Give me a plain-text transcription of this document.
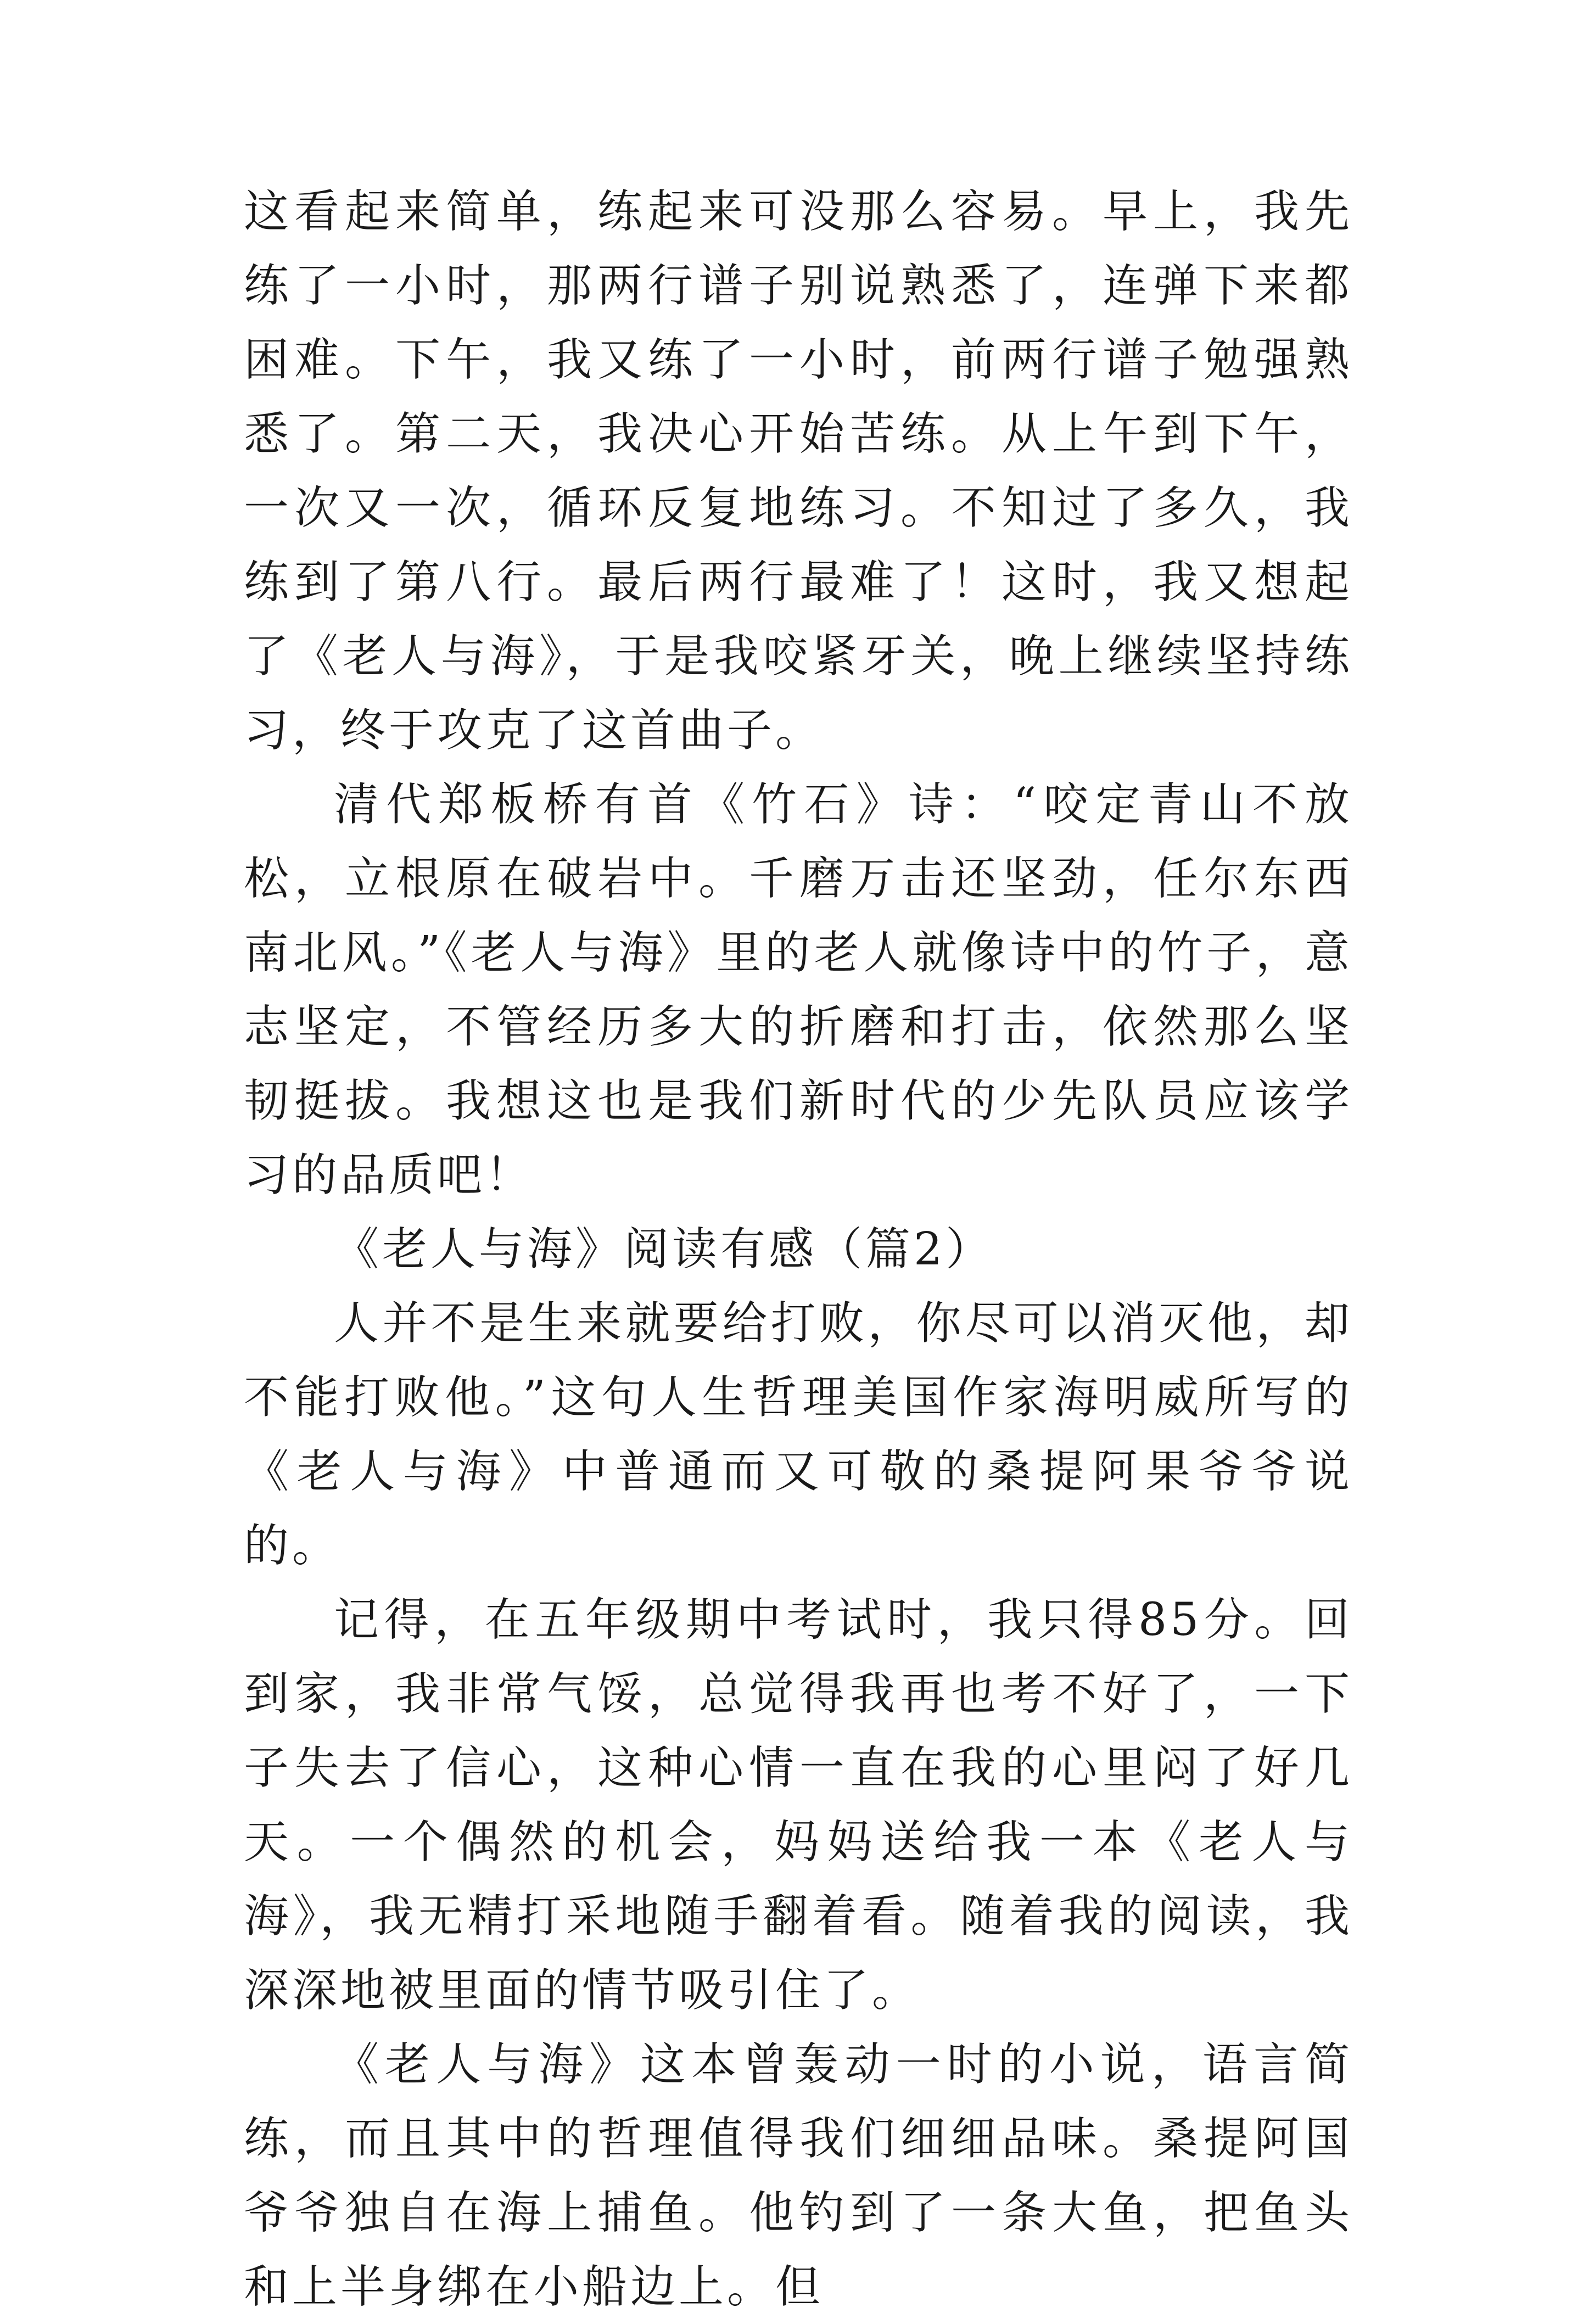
这看起来简单，练起来可没那么容易。早上，我先练了一小时，那两行谱子别说熟悉了，连弹下来都困难。下午，我又练了一小时，前两行谱子勉强熟悉了。第二天，我决心开始苦练。从上午到下午，一次又一次，循环反复地练习。不知过了多久，我练到了第八行。最后两行最难了！这时，我又想起了《老人与海》，于是我咬紧牙关，晚上继续坚持练习，终于攻克了这首曲子。

清代郑板桥有首《竹石》诗：“咬定青山不放松，立根原在破岩中。千磨万击还坚劲，任尔东西南北风。”《老人与海》里的老人就像诗中的竹子，意志坚定，不管经历多大的折磨和打击，依然那么坚韧挺拔。我想这也是我们新时代的少先队员应该学习的品质吧！

《老人与海》阅读有感（篇2）

人并不是生来就要给打败，你尽可以消灭他，却不能打败他。”这句人生哲理美国作家海明威所写的《老人与海》中普通而又可敬的桑提阿果爷爷说的。

记得，在五年级期中考试时，我只得85分。回到家，我非常气馁，总觉得我再也考不好了，一下子失去了信心，这种心情一直在我的心里闷了好几天。一个偶然的机会，妈妈送给我一本《老人与海》，我无精打采地随手翻着看。随着我的阅读，我深深地被里面的情节吸引住了。

《老人与海》这本曾轰动一时的小说，语言简练，而且其中的哲理值得我们细细品味。桑提阿国爷爷独自在海上捕鱼。他钓到了一条大鱼，把鱼头和上半身绑在小船边上。但
